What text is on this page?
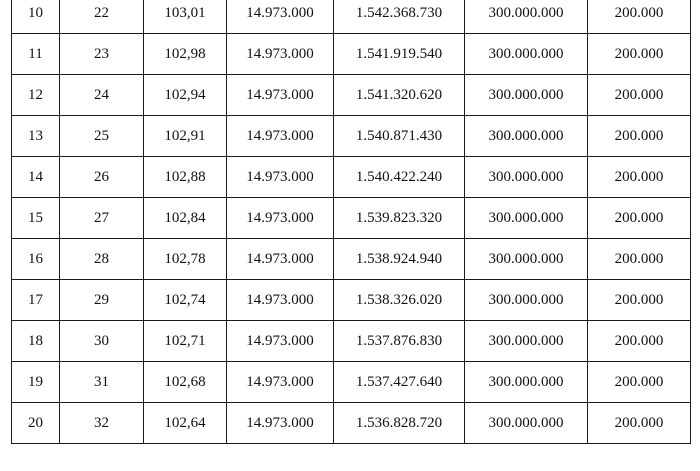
10	22	103,01	14.973.000	1.542.368.730	300.000.000	200.000
11	23	102,98	14.973.000	1.541.919.540	300.000.000	200.000
12	24	102,94	14.973.000	1.541.320.620	300.000.000	200.000
13	25	102,91	14.973.000	1.540.871.430	300.000.000	200.000
14	26	102,88	14.973.000	1.540.422.240	300.000.000	200.000
15	27	102,84	14.973.000	1.539.823.320	300.000.000	200.000
16	28	102,78	14.973.000	1.538.924.940	300.000.000	200.000
17	29	102,74	14.973.000	1.538.326.020	300.000.000	200.000
18	30	102,71	14.973.000	1.537.876.830	300.000.000	200.000
19	31	102,68	14.973.000	1.537.427.640	300.000.000	200.000
20	32	102,64	14.973.000	1.536.828.720	300.000.000	200.000
